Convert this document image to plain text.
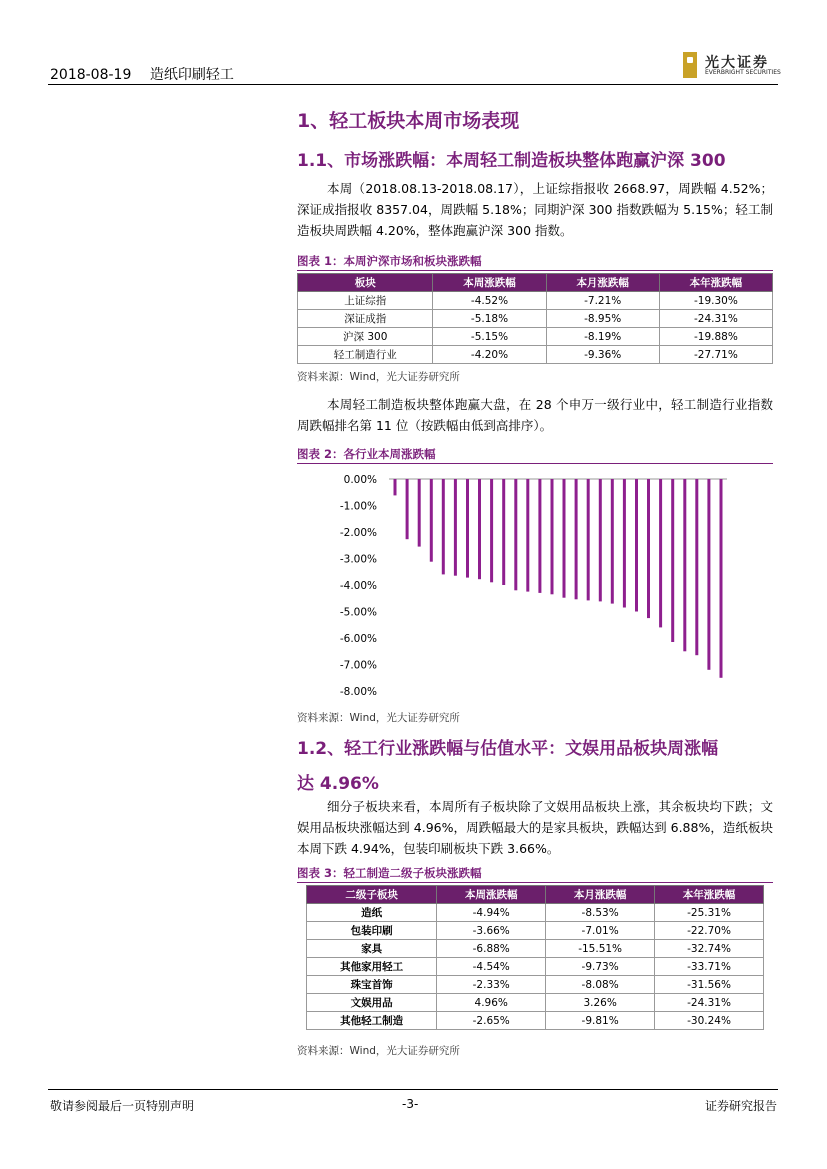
2018-08-19 造纸印刷轻工
光大证券
EVERBRIGHT SECURITIES
1、轻工板块本周市场表现
1.1、市场涨跌幅：本周轻工制造板块整体跑赢沪深 300
本周（2018.08.13-2018.08.17），上证综指报收 2668.97，周跌幅 4.52%；深证成指报收 8357.04，周跌幅 5.18%；同期沪深 300 指数跌幅为 5.15%；轻工制造板块周跌幅 4.20%，整体跑赢沪深 300 指数。
图表 1：本周沪深市场和板块涨跌幅
板块	本周涨跌幅	本月涨跌幅	本年涨跌幅
上证综指	-4.52%	-7.21%	-19.30%
深证成指	-5.18%	-8.95%	-24.31%
沪深 300	-5.15%	-8.19%	-19.88%
轻工制造行业	-4.20%	-9.36%	-27.71%
资料来源：Wind，光大证券研究所
本周轻工制造板块整体跑赢大盘，在 28 个申万一级行业中，轻工制造行业指数周跌幅排名第 11 位（按跌幅由低到高排序）。
图表 2：各行业本周涨跌幅
0.00%
-1.00%
-2.00%
-3.00%
-4.00%
-5.00%
-6.00%
-7.00%
-8.00%
资料来源：Wind，光大证券研究所
1.2、轻工行业涨跌幅与估值水平：文娱用品板块周涨幅
达 4.96%
细分子板块来看，本周所有子板块除了文娱用品板块上涨，其余板块均下跌；文娱用品板块涨幅达到 4.96%，周跌幅最大的是家具板块，跌幅达到 6.88%，造纸板块本周下跌 4.94%，包装印刷板块下跌 3.66%。
图表 3：轻工制造二级子板块涨跌幅
二级子板块	本周涨跌幅	本月涨跌幅	本年涨跌幅
造纸	-4.94%	-8.53%	-25.31%
包装印刷	-3.66%	-7.01%	-22.70%
家具	-6.88%	-15.51%	-32.74%
其他家用轻工	-4.54%	-9.73%	-33.71%
珠宝首饰	-2.33%	-8.08%	-31.56%
文娱用品	4.96%	3.26%	-24.31%
其他轻工制造	-2.65%	-9.81%	-30.24%
资料来源：Wind，光大证券研究所
敬请参阅最后一页特别声明	-3-	证券研究报告
